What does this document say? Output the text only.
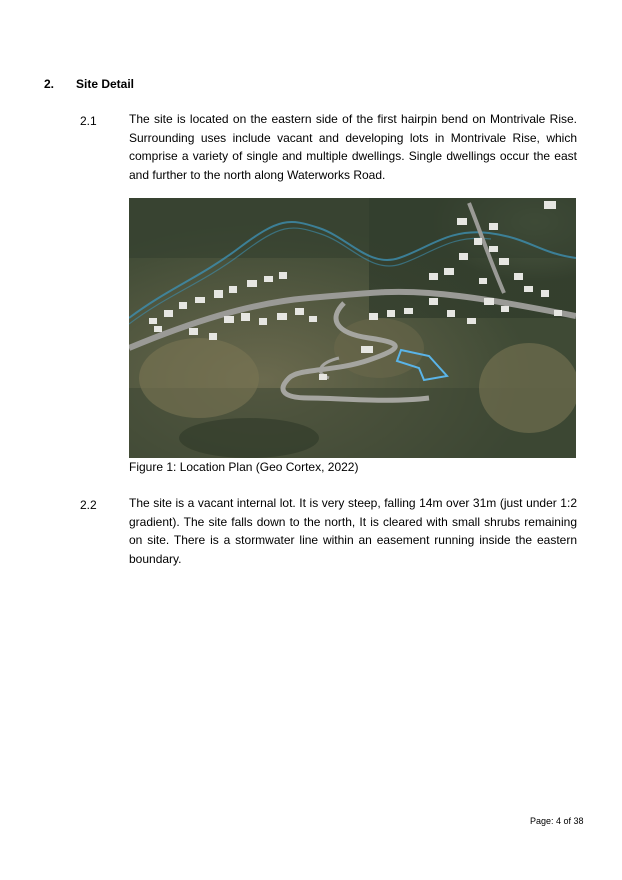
2. Site Detail
2.1	The site is located on the eastern side of the first hairpin bend on Montrivale Rise. Surrounding uses include vacant and developing lots in Montrivale Rise, which comprise a variety of single and multiple dwellings. Single dwellings occur the east and further to the north along Waterworks Road.
Figure 1: Location Plan (Geo Cortex, 2022)
2.2	The site is a vacant internal lot. It is very steep, falling 14m over 31m (just under 1:2 gradient). The site falls down to the north, It is cleared with small shrubs remaining on site. There is a stormwater line within an easement running inside the eastern boundary.
Page: 4 of 38
